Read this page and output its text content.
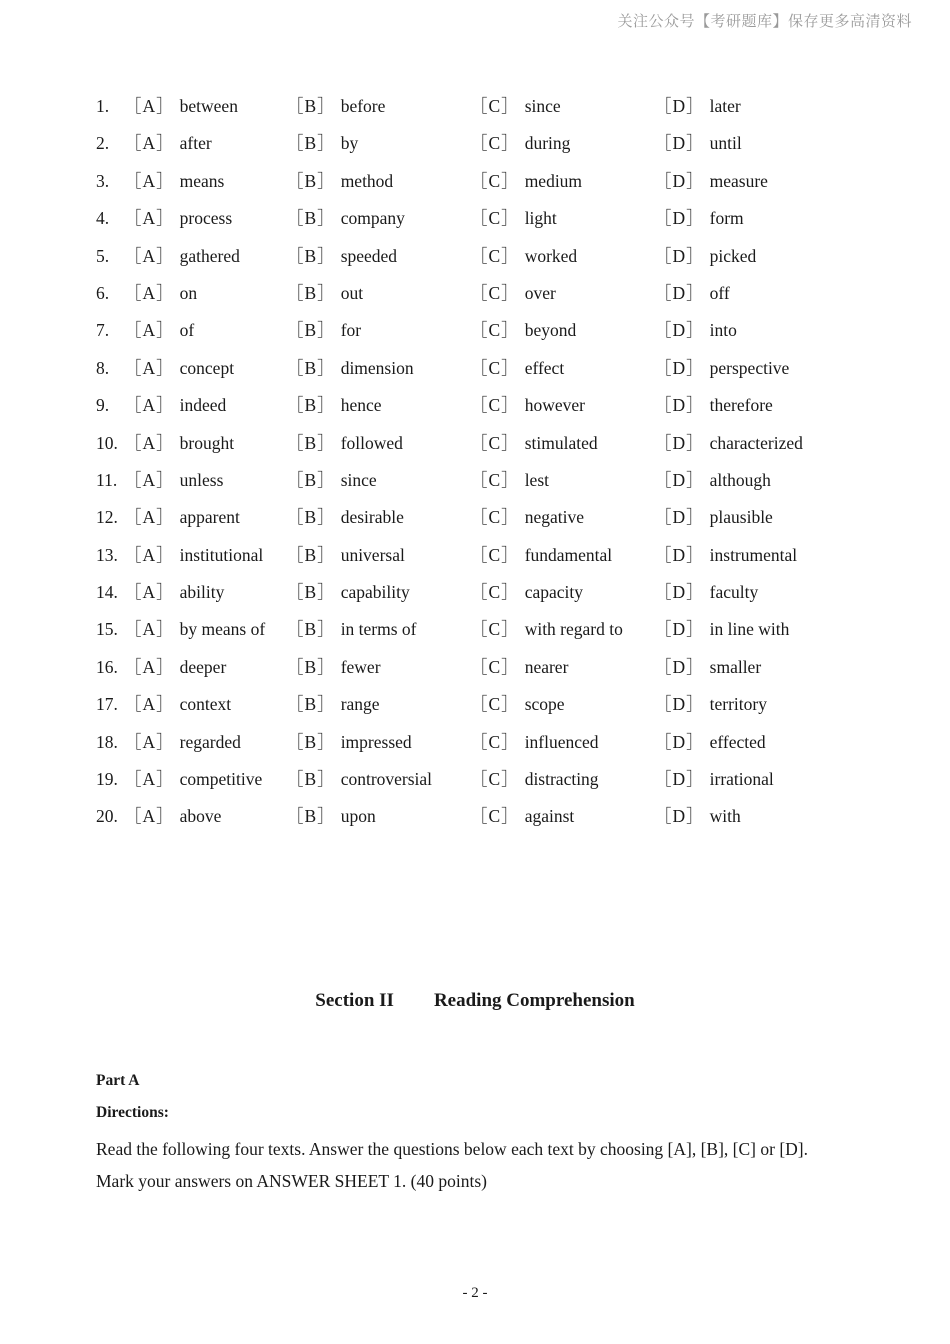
关注公众号【考研题库】保存更多高清资料
1. ［A］ between	［B］ before	［C］ since	［D］ later
2. ［A］ after	［B］ by	［C］ during	［D］ until
3. ［A］ means	［B］ method	［C］ medium	［D］ measure
4. ［A］ process	［B］ company	［C］ light	［D］ form
5. ［A］ gathered	［B］ speeded	［C］ worked	［D］ picked
6. ［A］ on	［B］ out	［C］ over	［D］ off
7. ［A］ of	［B］ for	［C］ beyond	［D］ into
8. ［A］ concept	［B］ dimension	［C］ effect	［D］ perspective
9. ［A］ indeed	［B］ hence	［C］ however	［D］ therefore
10. ［A］ brought	［B］ followed	［C］ stimulated	［D］ characterized
11. ［A］ unless	［B］ since	［C］ lest	［D］ although
12. ［A］ apparent	［B］ desirable	［C］ negative	［D］ plausible
13. ［A］ institutional ［B］ universal	［C］ fundamental ［D］ instrumental
14. ［A］ ability	［B］ capability	［C］ capacity	［D］ faculty
15. ［A］ by means of ［B］ in terms of	［C］ with regard to ［D］ in line with
16. ［A］ deeper	［B］ fewer	［C］ nearer	［D］ smaller
17. ［A］ context	［B］ range	［C］ scope	［D］ territory
18. ［A］ regarded	［B］ impressed	［C］ influenced	［D］ effected
19. ［A］ competitive ［B］ controversial ［C］ distracting	［D］ irrational
20. ［A］ above	［B］ upon	［C］ against	［D］ with
Section II Reading Comprehension
Part A
Directions:
Read the following four texts. Answer the questions below each text by choosing [A], [B], [C] or [D].
Mark your answers on ANSWER SHEET 1. (40 points)
- 2 -
